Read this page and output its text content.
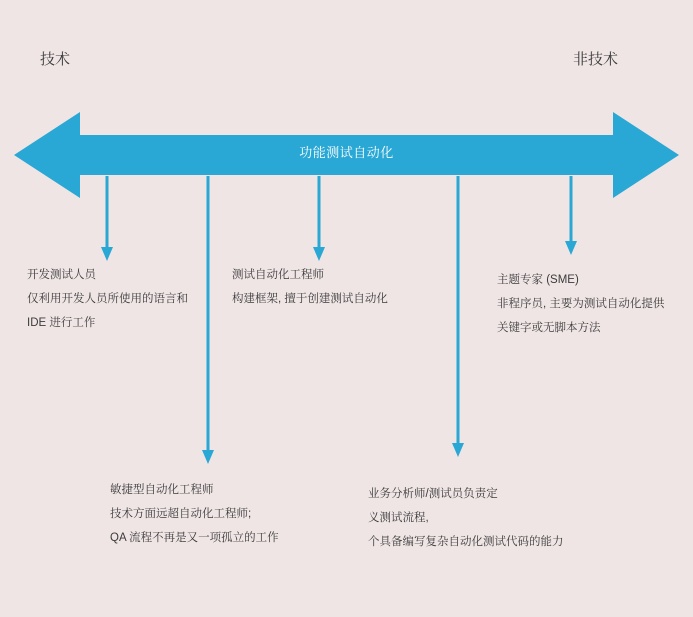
技术	非技术
功能测试自动化
开发测试人员
仅利用开发人员所使用的语言和
IDE 进行工作
敏捷型自动化工程师
技术方面远超自动化工程师;
QA 流程不再是又一项孤立的工作
测试自动化工程师
构建框架, 擅于创建测试自动化
业务分析师/测试员负责定
义测试流程,
个具备编写复杂自动化测试代码的能力
主题专家 (SME)
非程序员, 主要为测试自动化提供
关键字或无脚本方法
